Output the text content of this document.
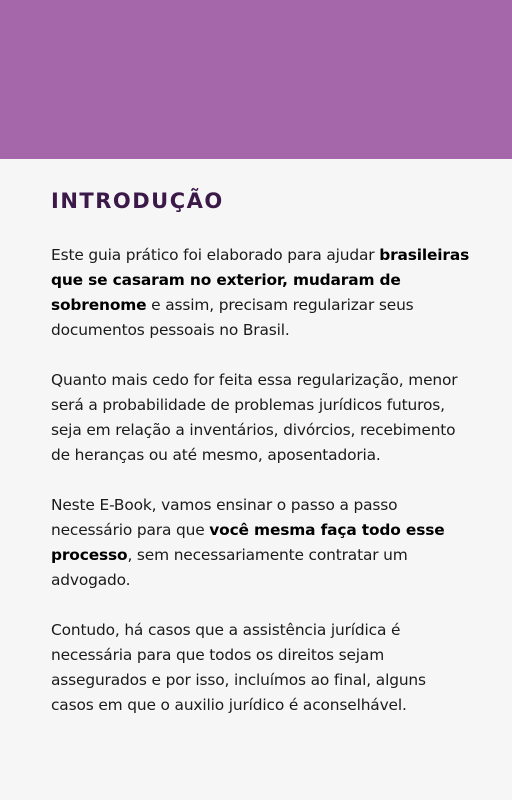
INTRODUÇÃO

Este guia prático foi elaborado para ajudar brasileiras que se casaram no exterior, mudaram de sobrenome e assim, precisam regularizar seus documentos pessoais no Brasil.

Quanto mais cedo for feita essa regularização, menor será a probabilidade de problemas jurídicos futuros, seja em relação a inventários, divórcios, recebimento de heranças ou até mesmo, aposentadoria.

Neste E-Book, vamos ensinar o passo a passo necessário para que você mesma faça todo esse processo, sem necessariamente contratar um advogado.

Contudo, há casos que a assistência jurídica é necessária para que todos os direitos sejam assegurados e por isso, incluímos ao final, alguns casos em que o auxilio jurídico é aconselhável.
